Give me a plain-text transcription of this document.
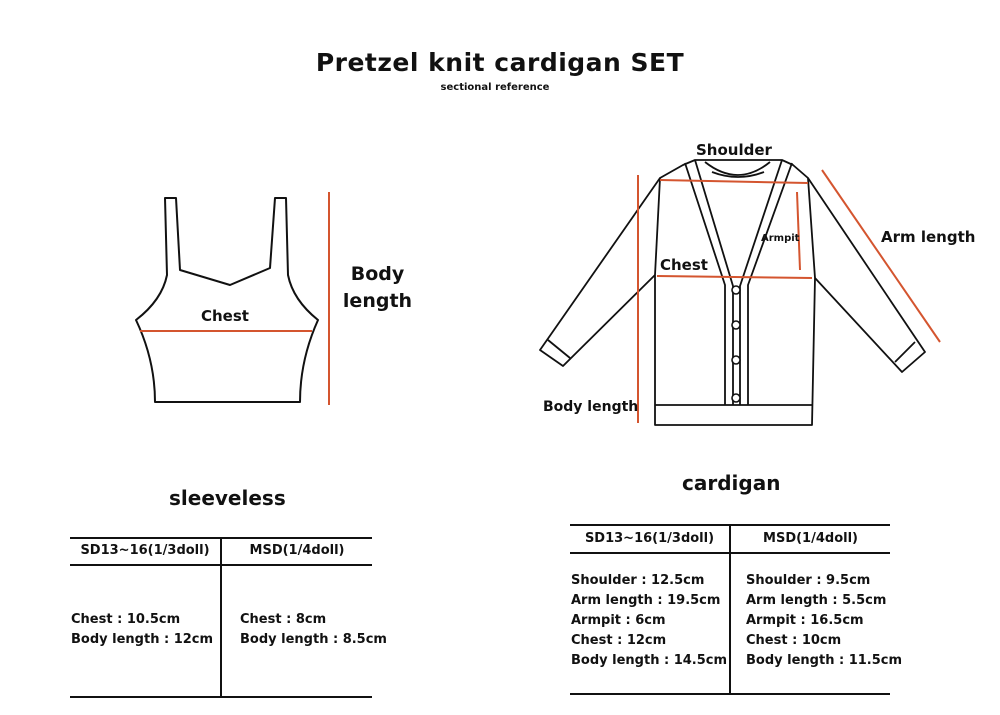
Pretzel knit cardigan SET
sectional reference
Chest
Body
length
Shoulder
Armpit
Chest
Arm length
Body length
sleeveless
cardigan
SD13~16(1/3doll)	MSD(1/4doll)
Chest : 10.5cm
Body length : 12cm
Chest : 8cm
Body length : 8.5cm
SD13~16(1/3doll)	MSD(1/4doll)
Shoulder : 12.5cm
Arm length : 19.5cm
Armpit : 6cm
Chest : 12cm
Body length : 14.5cm
Shoulder : 9.5cm
Arm length : 5.5cm
Armpit : 16.5cm
Chest : 10cm
Body length : 11.5cm
